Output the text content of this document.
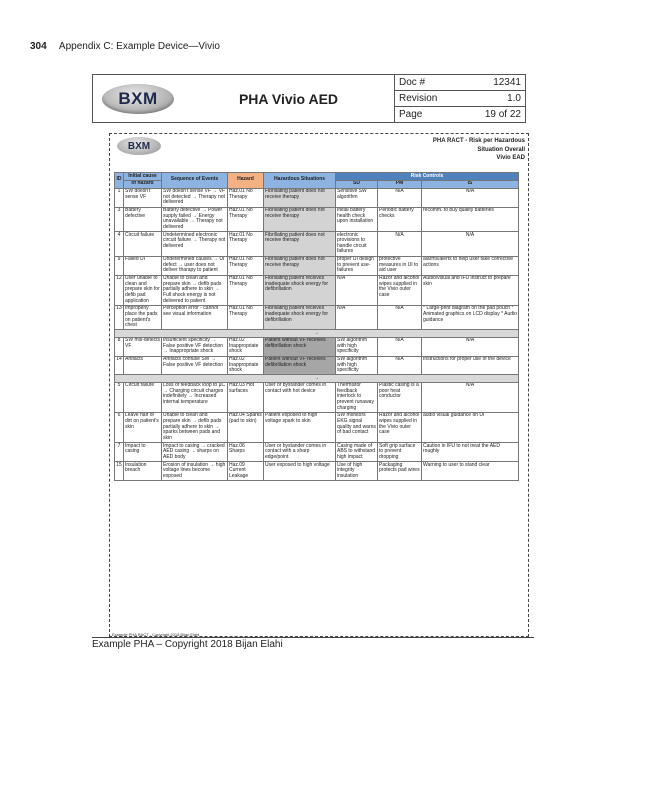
304 Appendix C: Example Device—Vivio
BXM	PHA Vivio AED
Doc #	12341
Revision	1.0
Page	19 of 22
BXM	PHA RACT - Risk per Hazardous
Situation Overall
Vivio EAD
ID	Initial cause	Sequence of Events	Hazard	Hazardous Situations	Risk Controls		
	of hazard				SD	PM	IS
1	SW doesn't sense VF	SW doesn't sense VF → VF not detected → Therapy not delivered	Haz.01 No Therapy	Fibrillating patient does not receive therapy	Sensitive SW algorithm	N/A	N/A
3	Battery defective	Battery defective → Power supply failed → Energy unavailable → Therapy not delivered	Haz.01 No Therapy	Fibrillating patient does not receive therapy	Initial battery health check upon installation	Periodic battery checks	recomm. to buy quality batteries
4	Circuit failure	Undetermined electronic circuit failure → Therapy not delivered	Haz.01 No Therapy	Fibrillating patient does not receive therapy	electronic provisions to handle circuit failures	N/A	N/A
9	Failed UI	Undetermined causes → UI defect → user does not deliver tharapy to patient	Haz.01 No Therapy	Fibrillating patient does not receive therapy	proper UI design to prevent use-failures	protective measures in UI to aid user	alarms/alerts to help user take corrective actions
12	User unable to clean and prepare skin for defib pad application	Unable to clean and prepare skin → defib pads partially adhere to skin → Full shock energy is not delivered to patient	Haz.01 No Therapy	Fibrillating patient receives inadequate shock energy for defibrillation	N/A	Razor and alcohol wipes supplied in the Vivio outer case	Audio/visual and IFU instruct to prepare skin
13	Improperly place the pads on patient's chest	Perception error - cannot see visual information	Haz.01 No Therapy	Fibrillating patient receives inadequate shock energy for defibrillation	N/A	N/A	* Large-print diagram on the pad pouch * Animated graphics on LCD display * Audio guidance
→							
8	SW mis-detects VF	Insufficient specificity → False positive VF detection → Inappropriate shock	Haz.02 Inappropriate shock	Patient without VF receives defibrillation shock	SW algorithm with high specificity	N/A	N/A
14	Artifacts	Artifacts confuse SW → False positive VF detection	Haz.02 Inappropriate shock	Patient without VF receives defibrillation shock	SW algorithm with high specificity	N/A	Instructions for proper use of the device
→							
5	Circuit failure	Loss of feedback loop to µC → Charging circuit charges indefinitely → Increased internal temperature	Haz.03 Hot surfaces	User or bystander comes in contact with hot device	Thermistor feedback interlock to prevent runaway charging	Plastic casing is a poor heat conductor	N/A
6	Leave hair or dirt on patient's skin	Unable to clean and prepare skin → defib pads partially adhere to skin → sparks between pads and skin	Haz.04 Sparks (pad to skin)	Patient exposed to high voltage spark to skin	SW monitors EKG signal quality and warns of bad contact	Razor and alcohol wipes supplied in the Vivio outer case	audio visual guidance on UI
7	Impact to casing	Impact to casing → cracked AED casing → sharps on AED body	Haz.06 Sharps	User or bystander comes in contact with a sharp edge/point	Casing made of ABS to withstand high impact	Soft grip surface to prevent dropping	Caution in IFU to not treat the AED roughly
15	Insulation breach	Erosion of insulation → high voltage lines become exposed	Haz.09 Current Leakage	User exposed to high voltage	Use of high integrity insulation	Packaging protects pad wires	Warning to user to stand clear
Example PHA RACT - Copyright 2018 Bijan Elahi
Example PHA – Copyright 2018 Bijan Elahi
